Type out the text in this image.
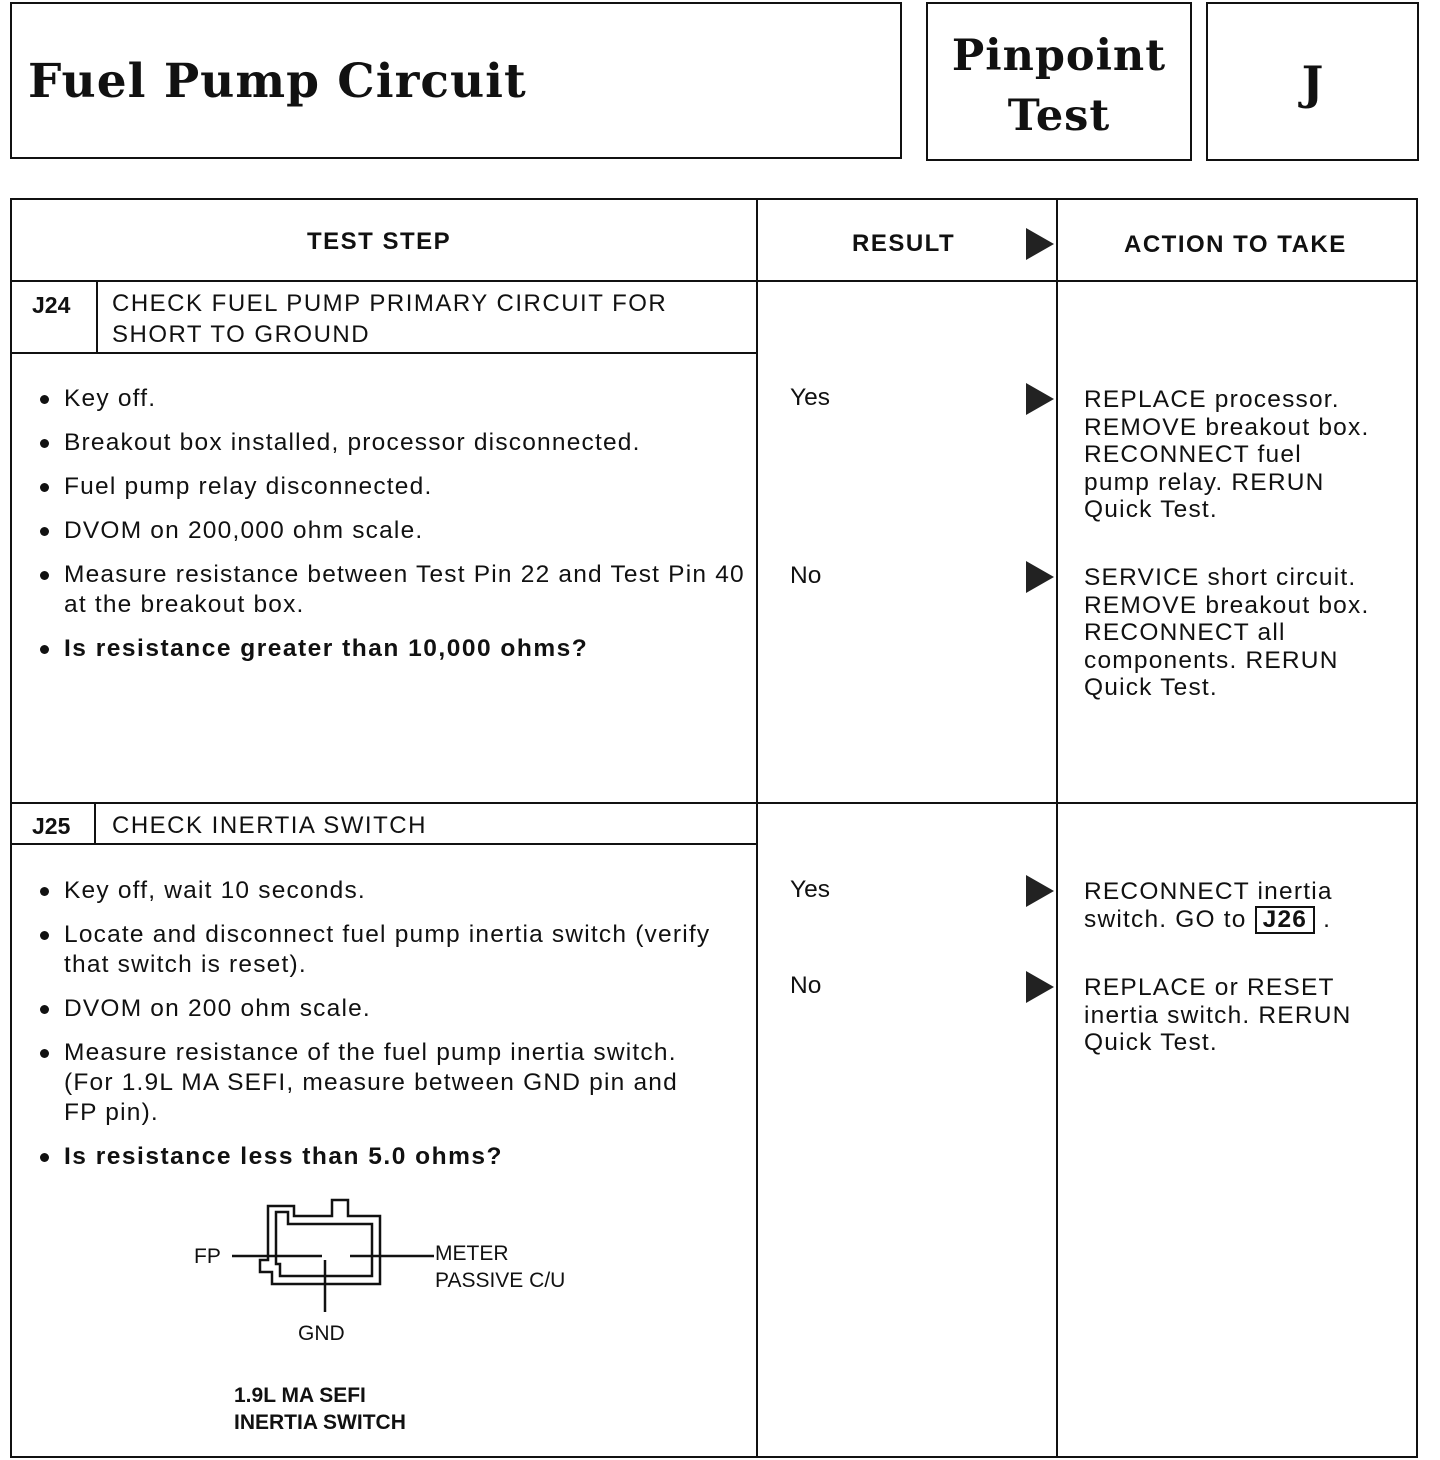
Fuel Pump Circuit	Pinpoint
Test
J
TEST STEP	RESULT	ACTION TO TAKE
J24 CHECK FUEL PUMP PRIMARY CIRCUIT FOR
SHORT TO GROUND
Key off.
Breakout box installed, processor disconnected.
Fuel pump relay disconnected.
DVOM on 200,000 ohm scale.
Measure resistance between Test Pin 22 and Test Pin 40 at the breakout box.
Is resistance greater than 10,000 ohms?
Yes	REPLACE processor.
REMOVE breakout box.
RECONNECT fuel
pump relay. RERUN
Quick Test.
No	SERVICE short circuit.
REMOVE breakout box.
RECONNECT all
components. RERUN
Quick Test.
J25 CHECK INERTIA SWITCH
Key off, wait 10 seconds.
Locate and disconnect fuel pump inertia switch (verify that switch is reset).
DVOM on 200 ohm scale.
Measure resistance of the fuel pump inertia switch. (For 1.9L MA SEFI, measure between GND pin and FP pin).
Is resistance less than 5.0 ohms?
Yes	RECONNECT inertia
switch. GO to J26 .
No	REPLACE or RESET
inertia switch. RERUN
Quick Test.
FP	METER
PASSIVE C/U
GND
1.9L MA SEFI
INERTIA SWITCH
